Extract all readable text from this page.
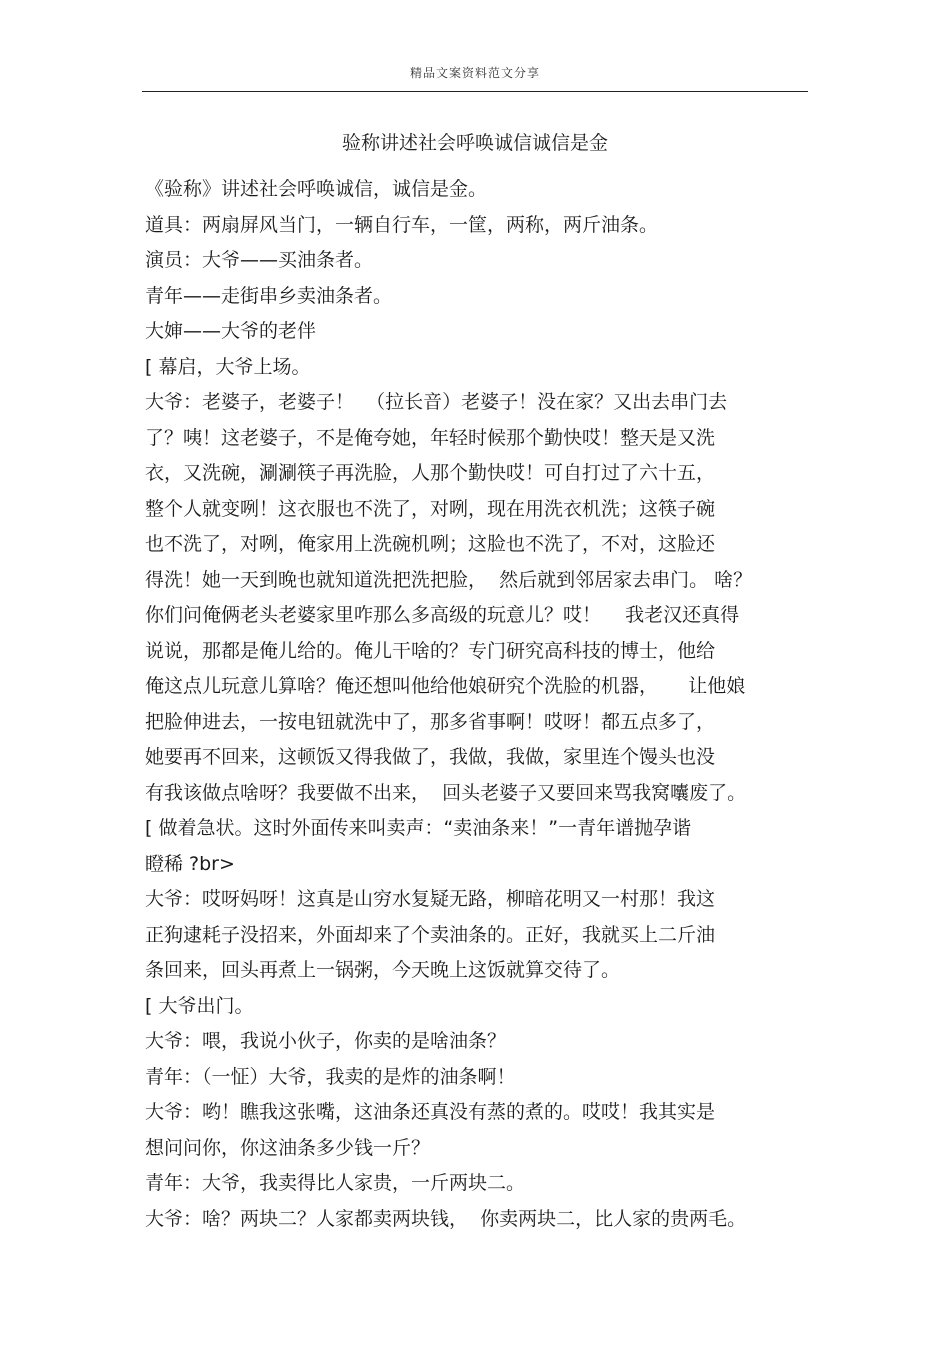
精品文案资料范文分享
验称讲述社会呼唤诚信诚信是金
《验称》讲述社会呼唤诚信，诚信是金。
道具：两扇屏风当门，一辆自行车，一筐，两称，两斤油条。
演员：大爷——买油条者。
青年——走街串乡卖油条者。
大婶——大爷的老伴
[ 幕启，大爷上场。
大爷：老婆子，老婆子！  （拉长音）老婆子！没在家？又出去串门去
了？咦！这老婆子，不是俺夸她，年轻时候那个勤快哎！整天是又洗
衣，又洗碗，涮涮筷子再洗脸，人那个勤快哎！可自打过了六十五，
整个人就变咧！这衣服也不洗了，对咧，现在用洗衣机洗；这筷子碗
也不洗了，对咧，俺家用上洗碗机咧；这脸也不洗了，不对，这脸还
得洗！她一天到晚也就知道洗把洗把脸，  然后就到邻居家去串门。 啥？
你们问俺俩老头老婆家里咋那么多高级的玩意儿？哎！    我老汉还真得
说说，那都是俺儿给的。俺儿干啥的？专门研究高科技的博士，他给
俺这点儿玩意儿算啥？俺还想叫他给他娘研究个洗脸的机器，     让他娘
把脸伸进去，一按电钮就洗中了，那多省事啊！哎呀！都五点多了，
她要再不回来，这顿饭又得我做了，我做，我做，家里连个馒头也没
有我该做点啥呀？我要做不出来，  回头老婆子又要回来骂我窝囔废了。
[ 做着急状。这时外面传来叫卖声：“卖油条来！”一青年谱抛孕谐
瞪稀 ?br>
大爷：哎呀妈呀！这真是山穷水复疑无路，柳暗花明又一村那！我这
正狗逮耗子没招来，外面却来了个卖油条的。正好，我就买上二斤油
条回来，回头再煮上一锅粥，今天晚上这饭就算交待了。
[ 大爷出门。
大爷：喂，我说小伙子，你卖的是啥油条？
青年：（一怔）大爷，我卖的是炸的油条啊！
大爷：哟！瞧我这张嘴，这油条还真没有蒸的煮的。哎哎！我其实是
想问问你，你这油条多少钱一斤？
青年：大爷，我卖得比人家贵，一斤两块二。
大爷：啥？两块二？人家都卖两块钱，  你卖两块二，比人家的贵两毛。
